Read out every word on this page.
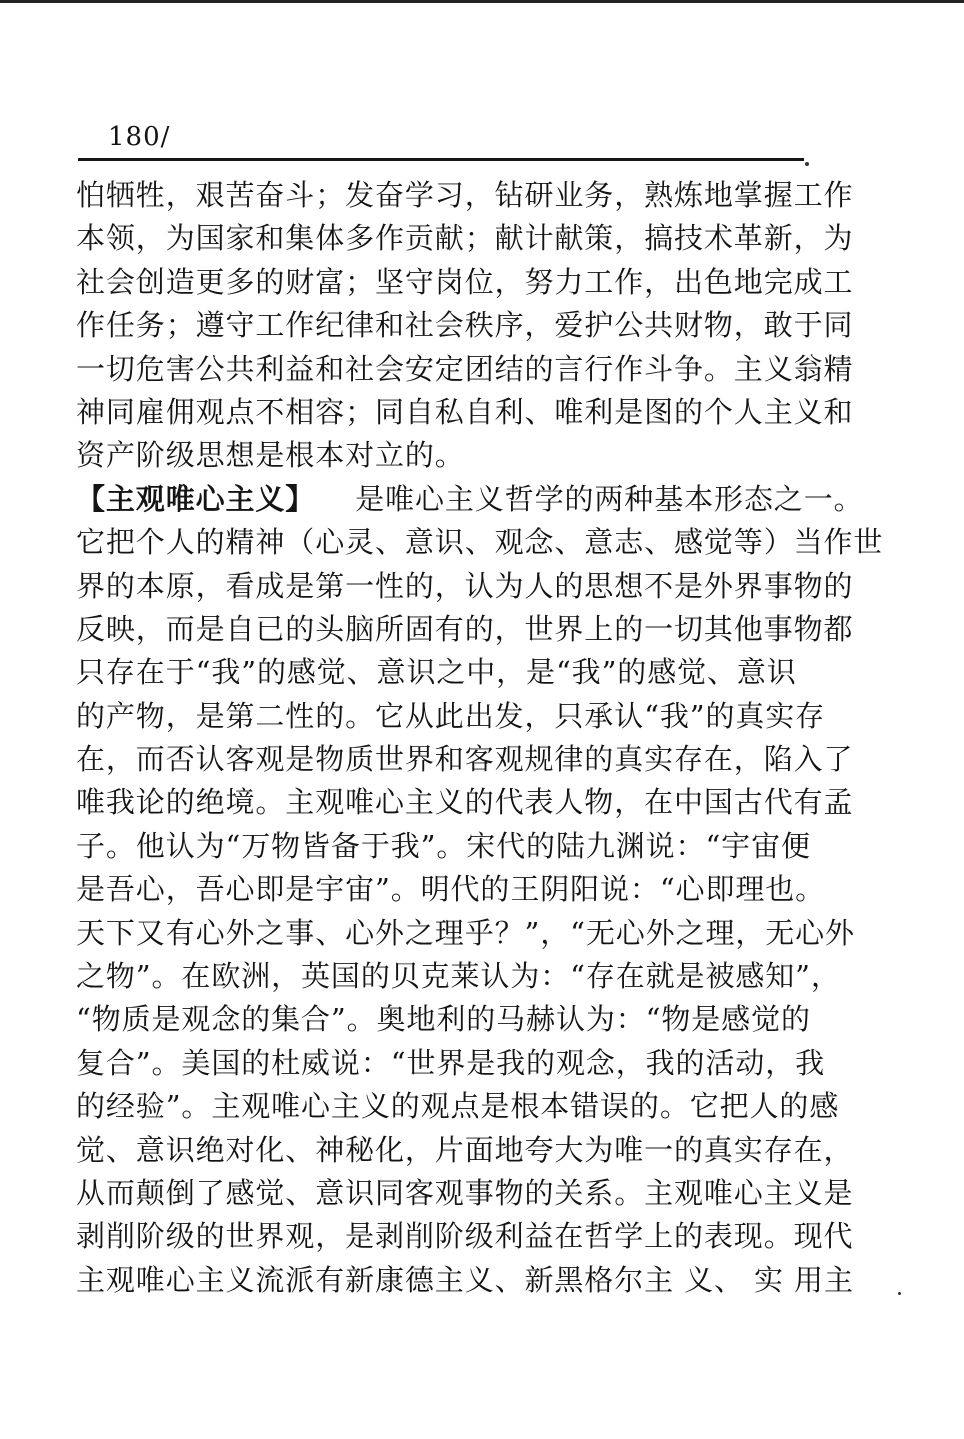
180/
怕牺牲，艰苦奋斗；发奋学习，钻研业务，熟炼地掌握工作
本领，为国家和集体多作贡献；献计献策，搞技术革新，为
社会创造更多的财富；坚守岗位，努力工作，出色地完成工
作任务；遵守工作纪律和社会秩序，爱护公共财物，敢于同
一切危害公共利益和社会安定团结的言行作斗争。主义翁精
神同雇佣观点不相容；同自私自利、唯利是图的个人主义和
资产阶级思想是根本对立的。
【主观唯心主义】 是唯心主义哲学的两种基本形态之一。
它把个人的精神（心灵、意识、观念、意志、感觉等）当作世
界的本原，看成是第一性的，认为人的思想不是外界事物的
反映，而是自已的头脑所固有的，世界上的一切其他事物都
只存在于“我”的感觉、意识之中，是“我”的感觉、意识
的产物，是第二性的。它从此出发，只承认“我”的真实存
在，而否认客观是物质世界和客观规律的真实存在，陷入了
唯我论的绝境。主观唯心主义的代表人物，在中国古代有孟
子。他认为“万物皆备于我”。宋代的陆九渊说：“宇宙便
是吾心，吾心即是宇宙”。明代的王阴阳说：“心即理也。
天下又有心外之事、心外之理乎？”，“无心外之理，无心外
之物”。在欧洲，英国的贝克莱认为：“存在就是被感知”，
“物质是观念的集合”。奥地利的马赫认为：“物是感觉的
复合”。美国的杜威说：“世界是我的观念，我的活动，我
的经验”。主观唯心主义的观点是根本错误的。它把人的感
觉、意识绝对化、神秘化，片面地夸大为唯一的真实存在，
从而颠倒了感觉、意识同客观事物的关系。主观唯心主义是
剥削阶级的世界观，是剥削阶级利益在哲学上的表现。现代
主观唯心主义流派有新康德主义、新黑格尔主 义、 实 用主
